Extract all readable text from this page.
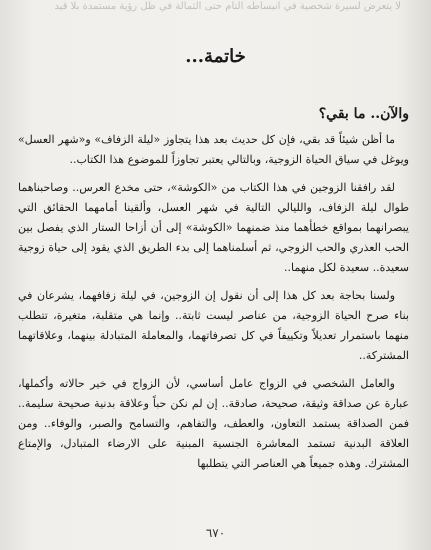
لا يتعرض لسيرة شخصية في انبساطه التام حتى الثمالة في ظل رؤية مستمدة بلا قيد
خاتمة...
والآن.. ما بقي؟

ما أظن شيئاً قد بقي، فإن كل حديث بعد هذا يتجاوز «ليلة الزفاف» و«شهر العسل» ويوغل في سياق الحياة الزوجية، وبالتالي يعتبر تجاوزاً للموضوع هذا الكتاب..

لقد رافقنا الزوجين في هذا الكتاب من «الكوشة»، حتى مخدع العرس.. وصاحبناهما طوال ليلة الزفاف، والليالي التالية في شهر العسل، وألقينا أمامهما الحقائق التي يبصرانهما بمواقع خطأهما منذ ضمنهما «الكوشة» إلى أن أزاحا الستار الذي يفصل بين الحب العذري والحب الزوجي، ثم أسلمناهما إلى بدء الطريق الذي يقود إلى حياة زوجية سعيدة.. سعيدة لكل منهما..

ولسنا بحاجة بعد كل هذا إلى أن نقول إن الزوجين، في ليلة زفافهما، يشرعان في بناء صرح الحياة الزوجية، من عناصر ليست ثابتة.. وإنما هي متقلبة، متغيرة، تتطلب منهما باستمرار تعديلاً وتكييفاً في كل تصرفاتهما، والمعاملة المتبادلة بينهما، وعلاقاتهما المشتركة..

والعامل الشخصي في الزواج عامل أساسي، لأن الزواج في خير حالاته وأكملها، عبارة عن صداقة وثيقة، صحيحة، صادقة.. إن لم نكن حباً وعلاقة بدنية صحيحة سليمة.. فمن الصداقة يستمد التعاون، والعطف، والتفاهم، والتسامح والصبر، والوفاء.. ومن العلاقة البدنية تستمد المعاشرة الجنسية المبنية على الارضاء المتبادل، والإمتاع المشترك. وهذه جميعاً هي العناصر التي يتطلبها

٦٧٠
